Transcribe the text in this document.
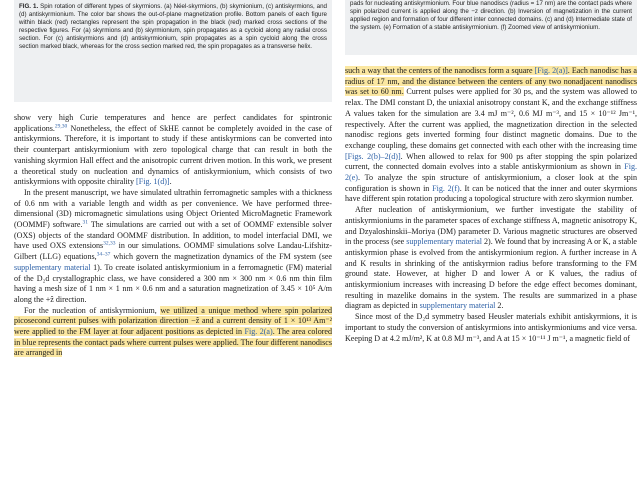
FIG. 1. Spin rotation of different types of skyrmions. (a) Néel-skyrmions, (b) skymionium, (c) antiskyrmions, and (d) antiskyrmionium. The color bar shows the out-of-plane magnetization profile. Bottom panels of each figure within black (red) rectangles represent the spin propagation in the black (red) marked cross sections of the respective figures. For (a) skyrmions and (b) skyrmionium, spin propagates as a cycloid along any radial cross section. For (c) antiskyrmions and (d) antiskyrmionium, spin propagates as a spin cycloid along the cross section marked black, whereas for the cross section marked red, the spin propagates as a transverse helix.
pads for nucleating antiskyrmionium. Four blue nanodiscs (radius = 17 nm) are the contact pads where spin polarized current is applied along the −z direction. (b) Inversion of magnetization in the current applied region and formation of four different inter connected domains. (c) and (d) Intermediate state of the system. (e) Formation of a stable antiskyrmionium. (f) Zoomed view of antiskyrmionium.

show very high Curie temperatures and hence are perfect candidates for spintronic applications.$^{29,30}$ Nonetheless, the effect of SkHE cannot be completely avoided in the case of antiskyrmions. Therefore, it is important to study if these antiskyrmions can be converted into their counterpart antiskyrmionium with zero topological charge that can result in both the vanishing skyrmion Hall effect and the anisotropic current driven motion. In this work, we present a theoretical study on nucleation and dynamics of antiskyrmionium, which consists of two antiskyrmions with opposite chirality [Fig. 1(d)].

In the present manuscript, we have simulated ultrathin ferromagnetic samples with a thickness of 0.6 nm with a variable length and width as per convenience. We have performed three-dimensional (3D) micromagnetic simulations using Object Oriented MicroMagnetic Framework (OOMMF) software.$^{31}$ The simulations are carried out with a set of OOMMF extensible solver (OXS) objects of the standard OOMMF distribution. In addition, to model interfacial DMI, we have used OXS extensions$^{32,33}$ in our simulations. OOMMF simulations solve Landau-Lifshitz-Gilbert (LLG) equations,$^{34-37}$ which govern the magnetization dynamics of the FM system (see supplementary material 1). To create isolated antiskyrmionium in a ferromagnetic (FM) material of the D₂d crystallographic class, we have considered a 300 nm × 300 nm × 0.6 nm thin film having a mesh size of 1 nm × 1 nm × 0.6 nm and a saturation magnetization of 3.45 × 10⁵ A/m along the +ẑ direction.

For the nucleation of antiskyrmionium, we utilized a unique method where spin polarized picosecond current pulses with polarization direction −ẑ and a current density of 1 × 10¹³ Am⁻² were applied to the FM layer at four adjacent positions as depicted in Fig. 2(a). The area colored in blue represents the contact pads where current pulses were applied. The four different nanodiscs are arranged in

such a way that the centers of the nanodiscs form a square [Fig. 2(a)]. Each nanodisc has a radius of 17 nm, and the distance between the centers of any two nonadjacent nanodiscs was set to 60 nm. Current pulses were applied for 30 ps, and the system was allowed to relax. The DMI constant D, the uniaxial anisotropy constant K, and the exchange stiffness A values taken for the simulation are 3.4 mJ m⁻², 0.6 MJ m⁻³, and 15 × 10⁻¹² Jm⁻¹, respectively. After the current was applied, the magnetization direction in the selected nanodisc regions gets inverted forming four distinct magnetic domains. Due to the exchange coupling, these domains get connected with each other with the increasing time [Figs. 2(b)–2(d)]. When allowed to relax for 900 ps after stopping the spin polarized current, the connected domain evolves into a stable antiskyrmionium as shown in Fig. 2(e). To analyze the spin structure of antiskyrmionium, a closer look at the spin configuration is shown in Fig. 2(f). It can be noticed that the inner and outer skyrmions have different spin rotation producing a topological structure with zero skyrmion number.

After nucleation of antiskyrmionium, we further investigate the stability of antiskyrmioniums in the parameter spaces of exchange stiffness A, magnetic anisotropy K, and Dzyaloshinskii–Moriya (DM) parameter D. Various magnetic structures are observed in the process (see supplementary material 2). We found that by increasing A or K, a stable antiskyrmion phase is evolved from the antiskyrmionium region. A further increase in A and K results in shrinking of the antiskyrmion radius before transforming to the FM ground state. However, at higher D and lower A or K values, the radius of antiskyrmionium increases with increasing D before the edge effect becomes dominant, resulting in mazelike domains in the system. The results are summarized in a phase diagram as depicted in supplementary material 2.

Since most of the D₂d symmetry based Heusler materials exhibit antiskyrmions, it is important to study the conversion of antiskyrmions into antiskyrmioniums and vice versa. Keeping D at 4.2 mJ/m², K at 0.8 MJ m⁻³, and A at 15 × 10⁻¹¹ J m⁻¹, a magnetic field of
